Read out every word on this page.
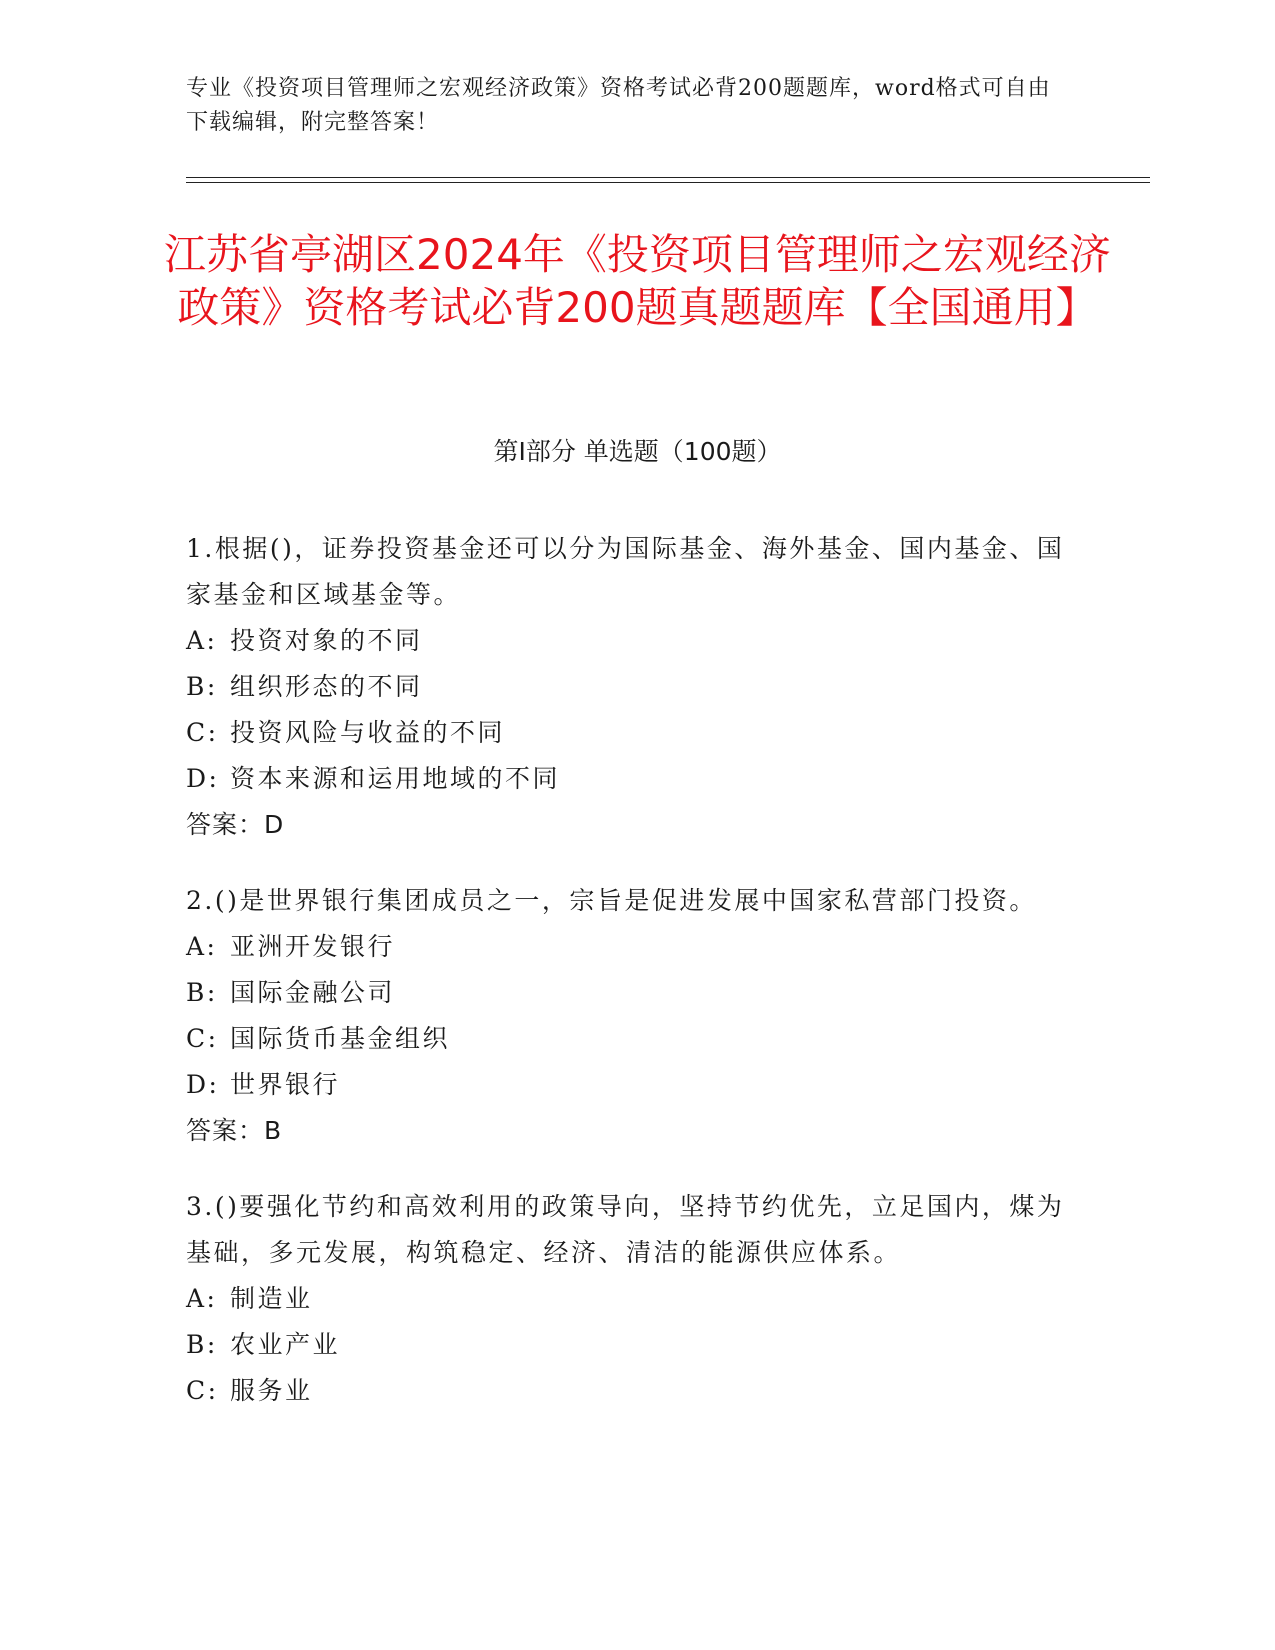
专业《投资项目管理师之宏观经济政策》资格考试必背200题题库，word格式可自由下载编辑，附完整答案！
江苏省亭湖区2024年《投资项目管理师之宏观经济政策》资格考试必背200题真题题库【全国通用】
第Ⅰ部分 单选题（100题）
1.根据()，证券投资基金还可以分为国际基金、海外基金、国内基金、国家基金和区域基金等。
A: 投资对象的不同
B: 组织形态的不同
C: 投资风险与收益的不同
D: 资本来源和运用地域的不同
答案：D
2.()是世界银行集团成员之一，宗旨是促进发展中国家私营部门投资。
A: 亚洲开发银行
B: 国际金融公司
C: 国际货币基金组织
D: 世界银行
答案：B
3.()要强化节约和高效利用的政策导向，坚持节约优先，立足国内，煤为基础，多元发展，构筑稳定、经济、清洁的能源供应体系。
A: 制造业
B: 农业产业
C: 服务业
